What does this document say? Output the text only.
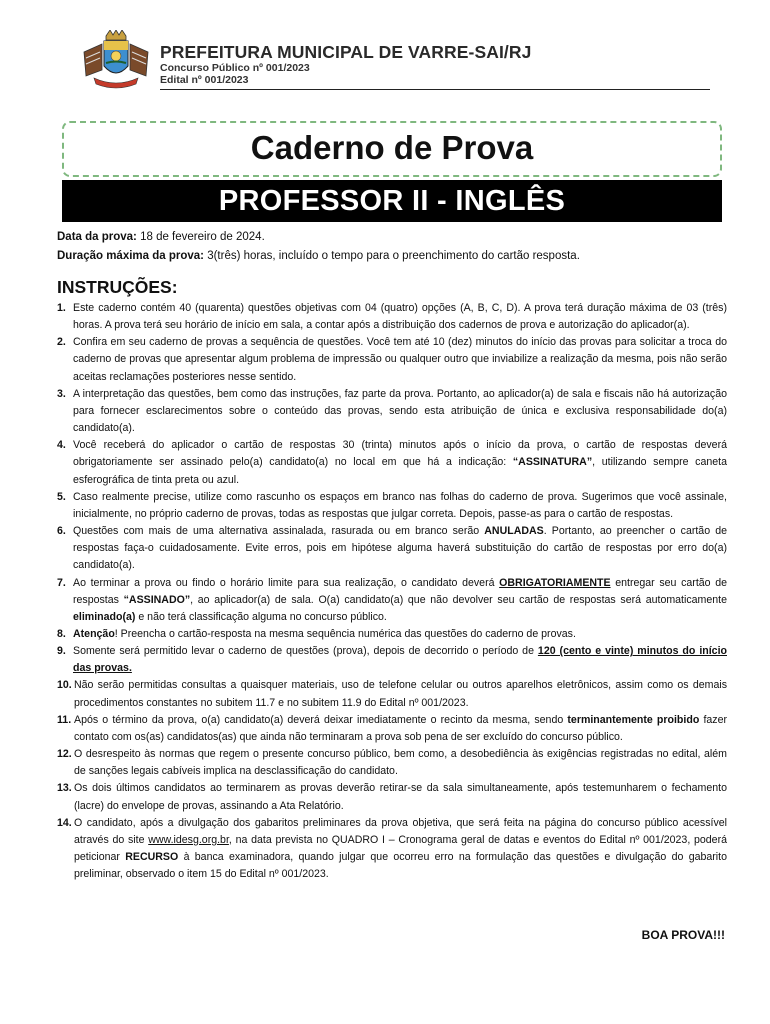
PREFEITURA MUNICIPAL DE VARRE-SAI/RJ
Concurso Público nº 001/2023
Edital nº 001/2023
Caderno de Prova
PROFESSOR II - INGLÊS
Data da prova: 18 de fevereiro de 2024.
Duração máxima da prova: 3(três) horas, incluído o tempo para o preenchimento do cartão resposta.
INSTRUÇÕES:
1. Este caderno contém 40 (quarenta) questões objetivas com 04 (quatro) opções (A, B, C, D). A prova terá duração máxima de 03 (três) horas. A prova terá seu horário de início em sala, a contar após a distribuição dos cadernos de prova e autorização do aplicador(a).
2. Confira em seu caderno de provas a sequência de questões. Você tem até 10 (dez) minutos do início das provas para solicitar a troca do caderno de provas que apresentar algum problema de impressão ou qualquer outro que inviabilize a realização da mesma, pois não serão aceitas reclamações posteriores nesse sentido.
3. A interpretação das questões, bem como das instruções, faz parte da prova. Portanto, ao aplicador(a) de sala e fiscais não há autorização para fornecer esclarecimentos sobre o conteúdo das provas, sendo esta atribuição de única e exclusiva responsabilidade do(a) candidato(a).
4. Você receberá do aplicador o cartão de respostas 30 (trinta) minutos após o início da prova, o cartão de respostas deverá obrigatoriamente ser assinado pelo(a) candidato(a) no local em que há a indicação: “ASSINATURA”, utilizando sempre caneta esferográfica de tinta preta ou azul.
5. Caso realmente precise, utilize como rascunho os espaços em branco nas folhas do caderno de prova. Sugerimos que você assinale, inicialmente, no próprio caderno de provas, todas as respostas que julgar correta. Depois, passe-as para o cartão de respostas.
6. Questões com mais de uma alternativa assinalada, rasurada ou em branco serão ANULADAS. Portanto, ao preencher o cartão de respostas faça-o cuidadosamente. Evite erros, pois em hipótese alguma haverá substituição do cartão de respostas por erro do(a) candidato(a).
7. Ao terminar a prova ou findo o horário limite para sua realização, o candidato deverá OBRIGATORIAMENTE entregar seu cartão de respostas “ASSINADO”, ao aplicador(a) de sala. O(a) candidato(a) que não devolver seu cartão de respostas será automaticamente eliminado(a) e não terá classificação alguma no concurso público.
8. Atenção! Preencha o cartão-resposta na mesma sequência numérica das questões do caderno de provas.
9. Somente será permitido levar o caderno de questões (prova), depois de decorrido o período de 120 (cento e vinte) minutos do início das provas.
10. Não serão permitidas consultas a quaisquer materiais, uso de telefone celular ou outros aparelhos eletrônicos, assim como os demais procedimentos constantes no subitem 11.7 e no subitem 11.9 do Edital nº 001/2023.
11. Após o término da prova, o(a) candidato(a) deverá deixar imediatamente o recinto da mesma, sendo terminantemente proibido fazer contato com os(as) candidatos(as) que ainda não terminaram a prova sob pena de ser excluído do concurso público.
12. O desrespeito às normas que regem o presente concurso público, bem como, a desobediência às exigências registradas no edital, além de sanções legais cabíveis implica na desclassificação do candidato.
13. Os dois últimos candidatos ao terminarem as provas deverão retirar-se da sala simultaneamente, após testemunharem o fechamento (lacre) do envelope de provas, assinando a Ata Relatório.
14. O candidato, após a divulgação dos gabaritos preliminares da prova objetiva, que será feita na página do concurso público acessível através do site www.idesg.org.br, na data prevista no QUADRO I – Cronograma geral de datas e eventos do Edital nº 001/2023, poderá peticionar RECURSO à banca examinadora, quando julgar que ocorreu erro na formulação das questões e divulgação do gabarito preliminar, observado o item 15 do Edital nº 001/2023.
BOA PROVA!!!
